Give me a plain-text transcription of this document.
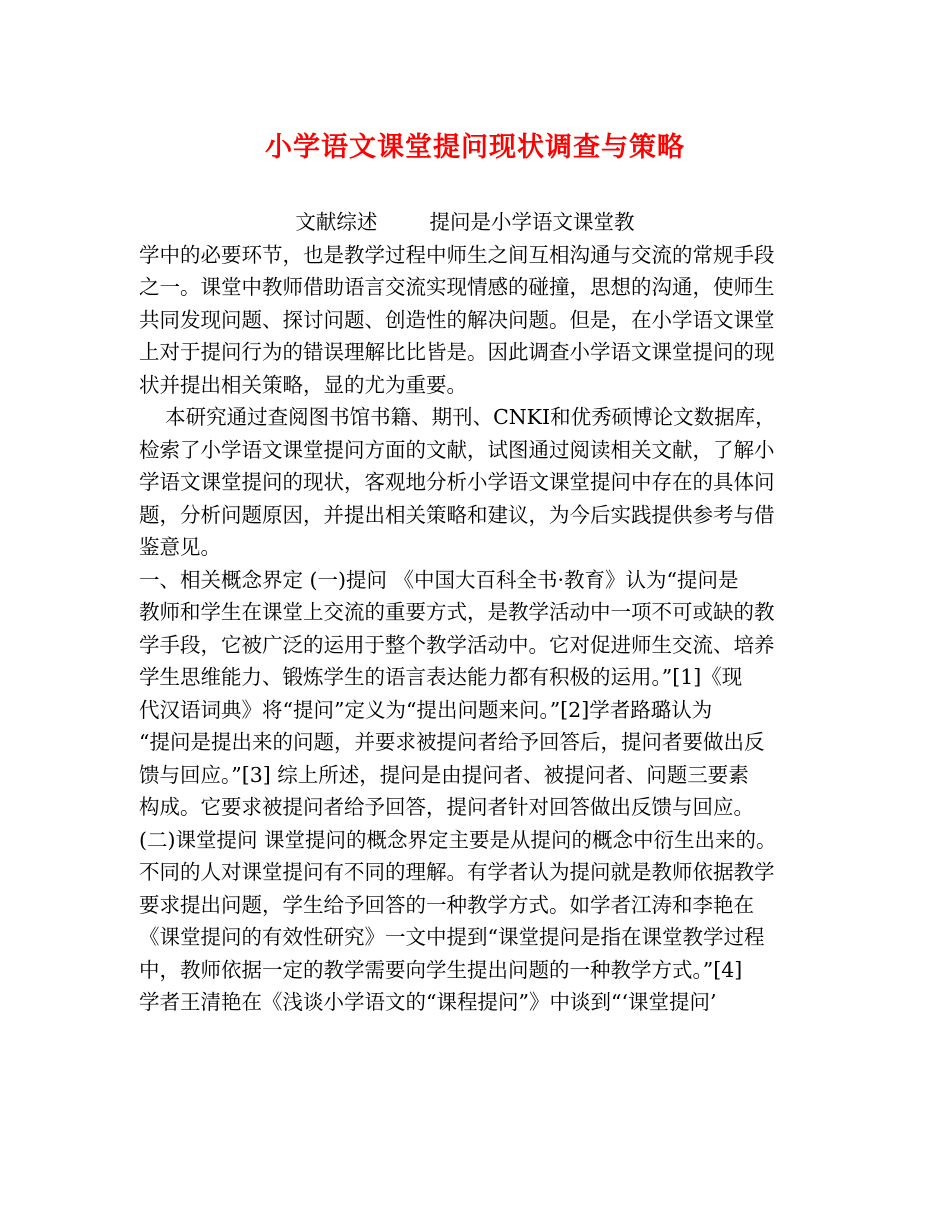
小学语文课堂提问现状调查与策略
文献综述        提问是小学语文课堂教
学中的必要环节，也是教学过程中师生之间互相沟通与交流的常规手段
之一。课堂中教师借助语言交流实现情感的碰撞，思想的沟通，使师生
共同发现问题、探讨问题、创造性的解决问题。但是，在小学语文课堂
上对于提问行为的错误理解比比皆是。因此调查小学语文课堂提问的现
状并提出相关策略，显的尤为重要。
本研究通过查阅图书馆书籍、期刊、CNKI和优秀硕博论文数据库，
检索了小学语文课堂提问方面的文献，试图通过阅读相关文献，了解小
学语文课堂提问的现状，客观地分析小学语文课堂提问中存在的具体问
题，分析问题原因，并提出相关策略和建议，为今后实践提供参考与借
鉴意见。
一、相关概念界定 (一)提问 《中国大百科全书·教育》认为“提问是
教师和学生在课堂上交流的重要方式，是教学活动中一项不可或缺的教
学手段，它被广泛的运用于整个教学活动中。它对促进师生交流、培养
学生思维能力、锻炼学生的语言表达能力都有积极的运用。”[1]《现
代汉语词典》将“提问”定义为“提出问题来问。”[2]学者路璐认为
“提问是提出来的问题，并要求被提问者给予回答后，提问者要做出反
馈与回应。”[3] 综上所述，提问是由提问者、被提问者、问题三要素
构成。它要求被提问者给予回答，提问者针对回答做出反馈与回应。
(二)课堂提问 课堂提问的概念界定主要是从提问的概念中衍生出来的。
不同的人对课堂提问有不同的理解。有学者认为提问就是教师依据教学
要求提出问题，学生给予回答的一种教学方式。如学者江涛和李艳在
《课堂提问的有效性研究》一文中提到“课堂提问是指在课堂教学过程
中，教师依据一定的教学需要向学生提出问题的一种教学方式。”[4]
学者王清艳在《浅谈小学语文的“课程提问”》中谈到“‘课堂提问’
